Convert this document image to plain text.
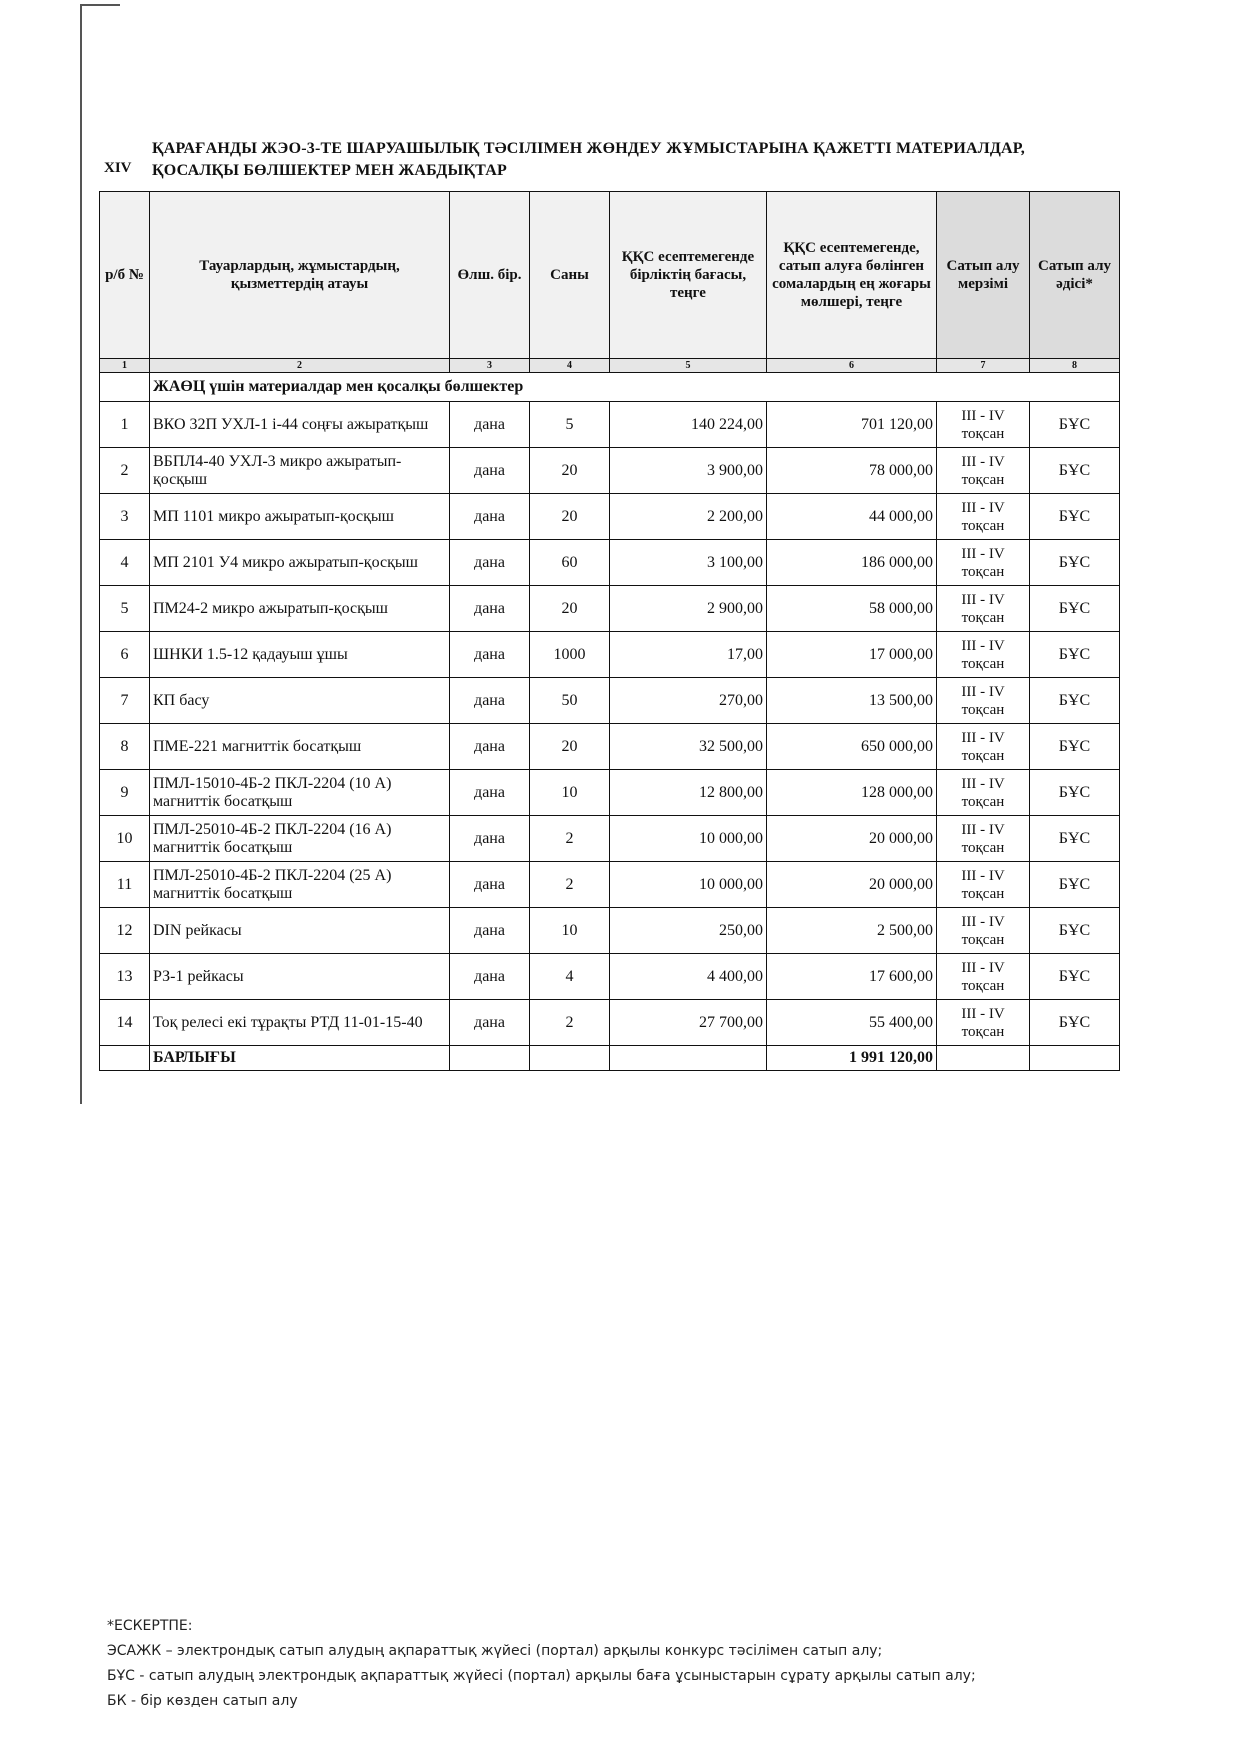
XIV
ҚАРАҒАНДЫ ЖЭО-3-ТЕ ШАРУАШЫЛЫҚ ТӘСІЛІМЕН ЖӨНДЕУ ЖҰМЫСТАРЫНА ҚАЖЕТТІ МАТЕРИАЛДАР, ҚОСАЛҚЫ БӨЛШЕКТЕР МЕН ЖАБДЫҚТАР
р/б №	Тауарлардың, жұмыстардың, қызметтердің атауы	Өлш. бір.	Саны	ҚҚС есептемегенде бірліктің бағасы, теңге	ҚҚС есептемегенде, сатып алуға бөлінген сомалардың ең жоғары мөлшері, теңге	Сатып алу мерзімі	Сатып алу әдісі*
1	2	3	4	5	6	7	8
	ЖАӨЦ үшін материалдар мен қосалқы бөлшектер						
1	ВКО 32П УХЛ-1 i-44 соңғы ажыратқыш	дана	5	140 224,00	701 120,00	III - IV тоқсан	БҰС
2	ВБПЛ4-40 УХЛ-3 микро ажыратып-қосқыш	дана	20	3 900,00	78 000,00	III - IV тоқсан	БҰС
3	МП 1101 микро ажыратып-қосқыш	дана	20	2 200,00	44 000,00	III - IV тоқсан	БҰС
4	МП 2101 У4 микро ажыратып-қосқыш	дана	60	3 100,00	186 000,00	III - IV тоқсан	БҰС
5	ПМ24-2 микро ажыратып-қосқыш	дана	20	2 900,00	58 000,00	III - IV тоқсан	БҰС
6	ШНКИ 1.5-12 қадауыш ұшы	дана	1000	17,00	17 000,00	III - IV тоқсан	БҰС
7	КП басу	дана	50	270,00	13 500,00	III - IV тоқсан	БҰС
8	ПМЕ-221 магниттік босатқыш	дана	20	32 500,00	650 000,00	III - IV тоқсан	БҰС
9	ПМЛ-15010-4Б-2 ПКЛ-2204 (10 А) магниттік босатқыш	дана	10	12 800,00	128 000,00	III - IV тоқсан	БҰС
10	ПМЛ-25010-4Б-2 ПКЛ-2204 (16 А) магниттік босатқыш	дана	2	10 000,00	20 000,00	III - IV тоқсан	БҰС
11	ПМЛ-25010-4Б-2 ПКЛ-2204 (25 А) магниттік босатқыш	дана	2	10 000,00	20 000,00	III - IV тоқсан	БҰС
12	DIN рейкасы	дана	10	250,00	2 500,00	III - IV тоқсан	БҰС
13	РЗ-1 рейкасы	дана	4	4 400,00	17 600,00	III - IV тоқсан	БҰС
14	Тоқ релесі екі тұрақты РТД 11-01-15-40	дана	2	27 700,00	55 400,00	III - IV тоқсан	БҰС
	БАРЛЫҒЫ				1 991 120,00		
*ЕСКЕРТПЕ:
ЭСАЖК – электрондық сатып алудың ақпараттық жүйесі (портал) арқылы конкурс тәсілімен сатып алу;
БҰС - сатып алудың электрондық ақпараттық жүйесі (портал) арқылы баға ұсыныстарын сұрату арқылы сатып алу;
БК - бір көзден сатып алу
